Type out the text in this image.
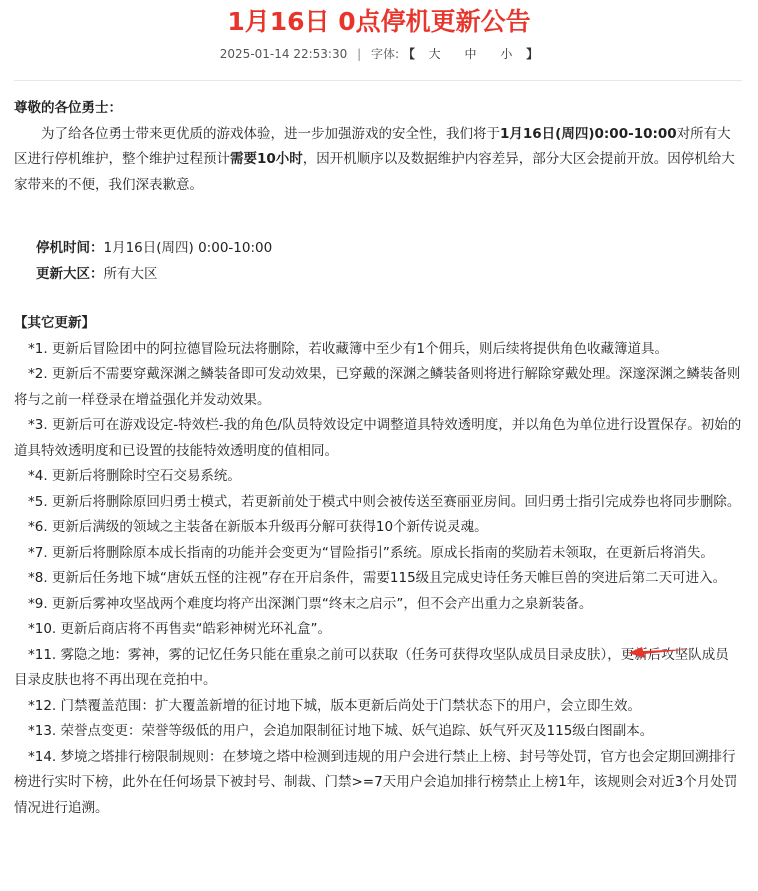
1月16日 0点停机更新公告
2025-01-14 22:53:30 | 字体: 【 大 中 小 】

尊敬的各位勇士：

为了给各位勇士带来更优质的游戏体验，进一步加强游戏的安全性，我们将于1月16日(周四)0:00-10:00对所有大区进行停机维护，整个维护过程预计需要10小时，因开机顺序以及数据维护内容差异，部分大区会提前开放。因停机给大家带来的不便，我们深表歉意。

停机时间：1月16日(周四) 0:00-10:00

更新大区：所有大区

【其它更新】

*1. 更新后冒险团中的阿拉德冒险玩法将删除，若收藏簿中至少有1个佣兵，则后续将提供角色收藏簿道具。

*2. 更新后不需要穿戴深渊之鳞装备即可发动效果，已穿戴的深渊之鳞装备则将进行解除穿戴处理。深邃深渊之鳞装备则将与之前一样登录在增益强化并发动效果。

*3. 更新后可在游戏设定-特效栏-我的角色/队员特效设定中调整道具特效透明度，并以角色为单位进行设置保存。初始的道具特效透明度和已设置的技能特效透明度的值相同。

*4. 更新后将删除时空石交易系统。

*5. 更新后将删除原回归勇士模式，若更新前处于模式中则会被传送至赛丽亚房间。回归勇士指引完成券也将同步删除。

*6. 更新后满级的领域之主装备在新版本升级再分解可获得10个新传说灵魂。

*7. 更新后将删除原本成长指南的功能并会变更为“冒险指引”系统。原成长指南的奖励若未领取，在更新后将消失。

*8. 更新后任务地下城“唐妖五怪的注视”存在开启条件，需要115级且完成史诗任务天帷巨兽的突进后第二天可进入。

*9. 更新后雾神攻坚战两个难度均将产出深渊门票“终末之启示”，但不会产出重力之泉新装备。

*10. 更新后商店将不再售卖“皓彩神树光环礼盒”。

*11. 雾隐之地：雾神，雾的记忆任务只能在重泉之前可以获取（任务可获得攻坚队成员目录皮肤），更新后攻坚队成员目录皮肤也将不再出现在竞拍中。

*12. 门禁覆盖范围：扩大覆盖新增的征讨地下城，版本更新后尚处于门禁状态下的用户，会立即生效。

*13. 荣誉点变更：荣誉等级低的用户，会追加限制征讨地下城、妖气追踪、妖气歼灭及115级白图副本。

*14. 梦境之塔排行榜限制规则：在梦境之塔中检测到违规的用户会进行禁止上榜、封号等处罚，官方也会定期回溯排行榜进行实时下榜，此外在任何场景下被封号、制裁、门禁>=7天用户会追加排行榜禁止上榜1年，该规则会对近3个月处罚情况进行追溯。
